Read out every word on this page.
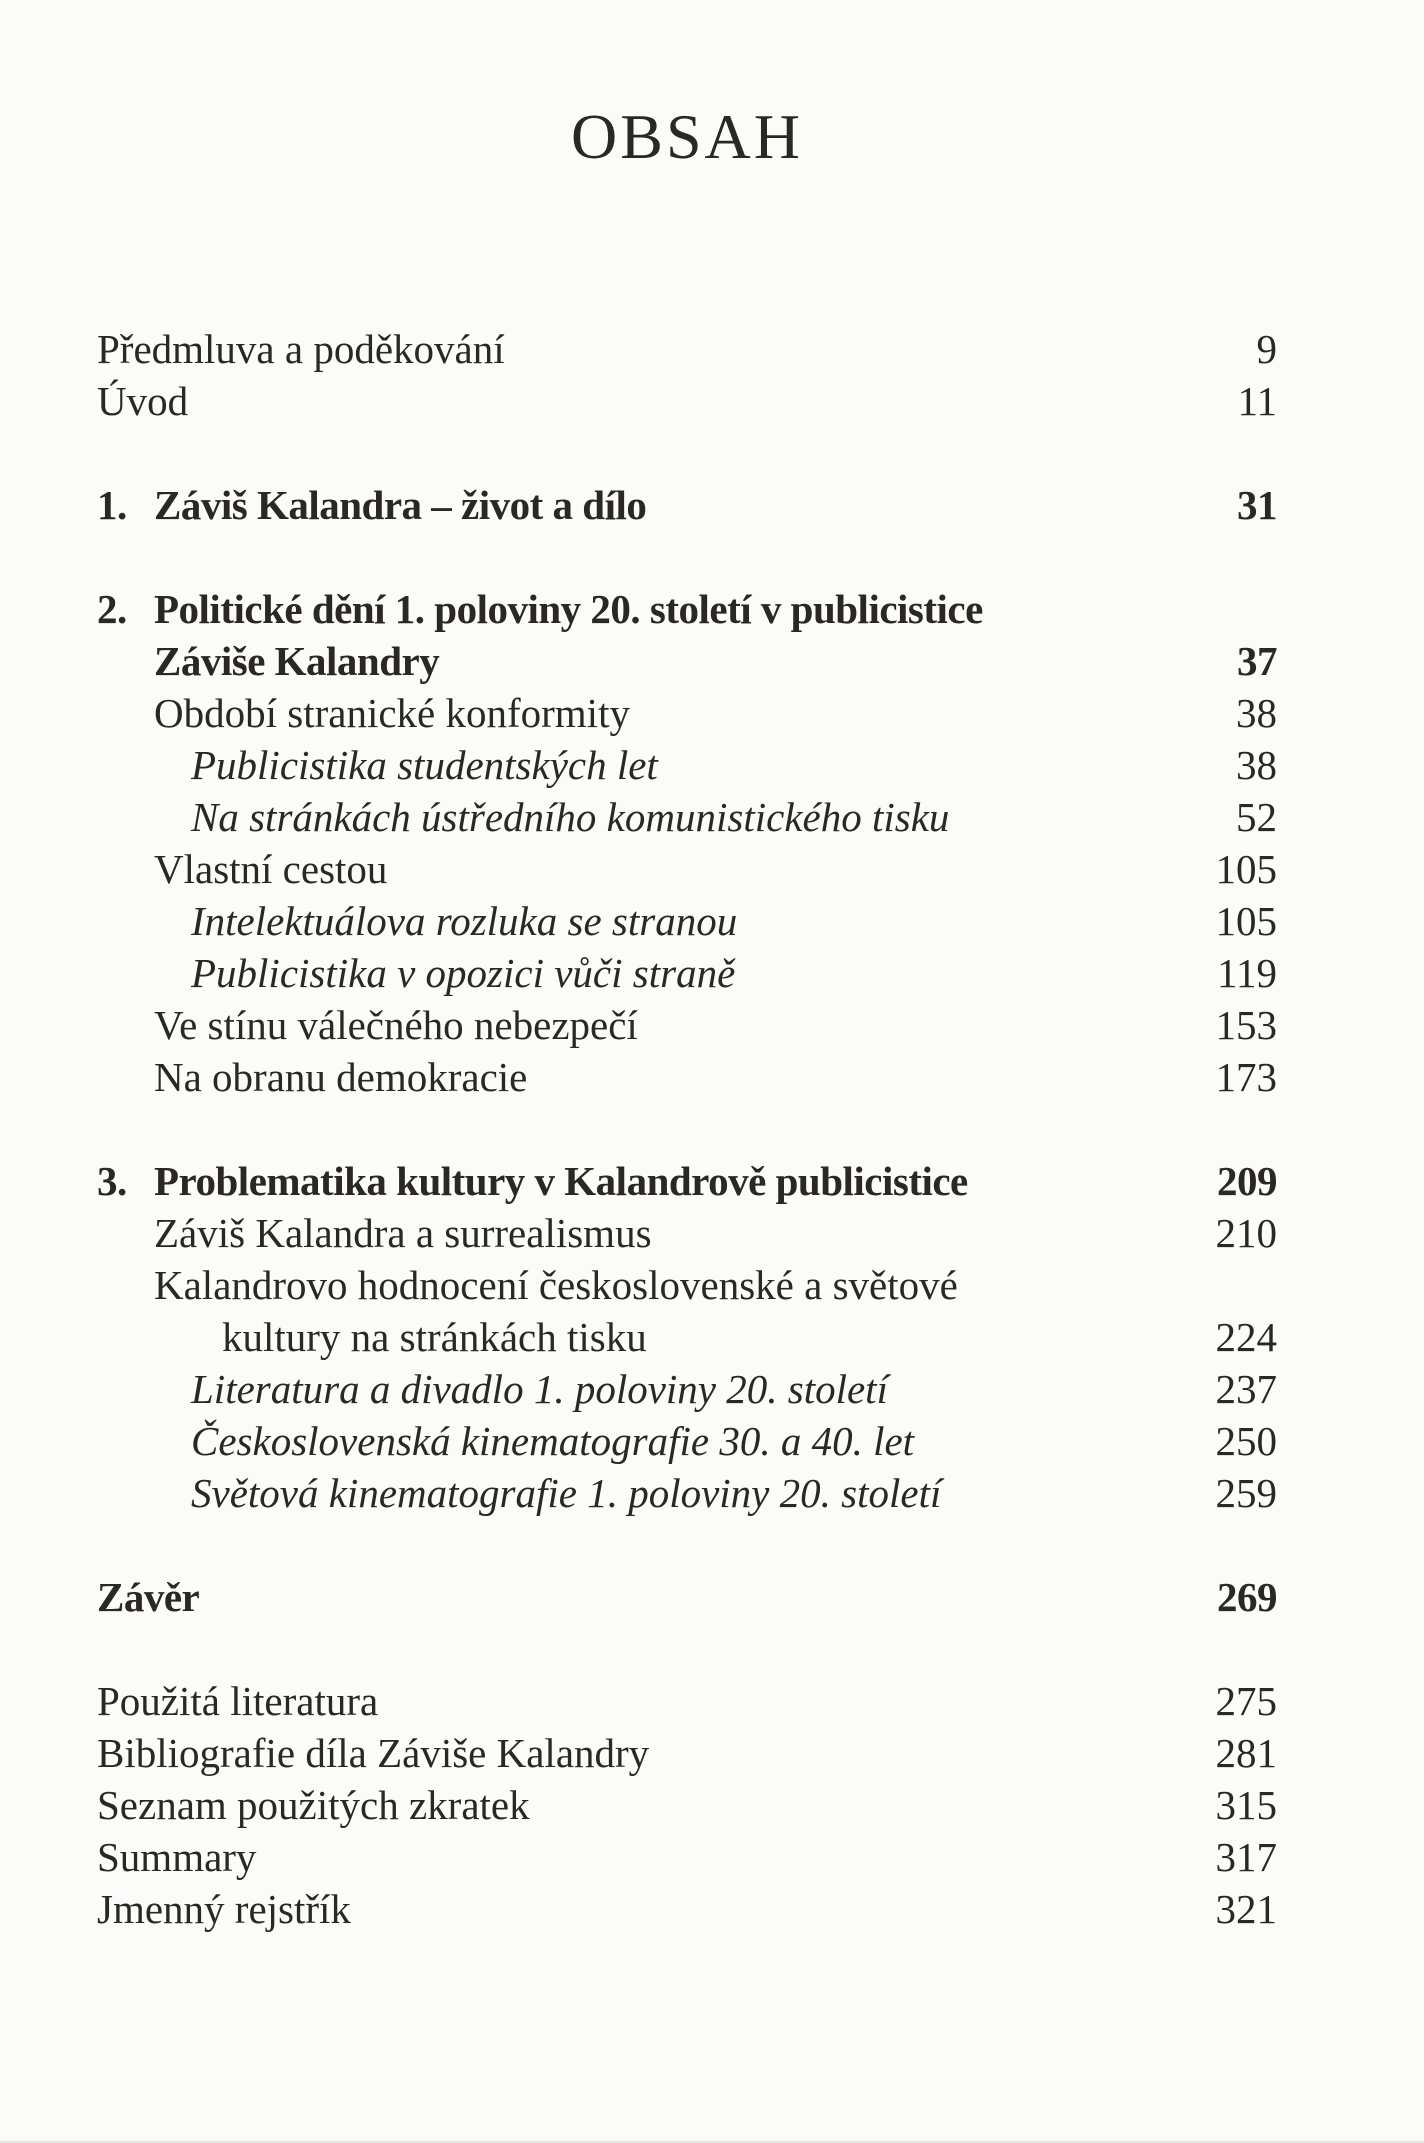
OBSAH
Předmluva a poděkování	9
Úvod	11
1. Záviš Kalandra – život a dílo	31
2. Politické dění 1. poloviny 20. století v publicistice
Záviše Kalandry	37
Období stranické konformity	38
Publicistika studentských let	38
Na stránkách ústředního komunistického tisku	52
Vlastní cestou	105
Intelektuálova rozluka se stranou	105
Publicistika v opozici vůči straně	119
Ve stínu válečného nebezpečí	153
Na obranu demokracie	173
3. Problematika kultury v Kalandrově publicistice	209
Záviš Kalandra a surrealismus	210
Kalandrovo hodnocení československé a světové
kultury na stránkách tisku	224
Literatura a divadlo 1. poloviny 20. století	237
Československá kinematografie 30. a 40. let	250
Světová kinematografie 1. poloviny 20. století	259
Závěr	269
Použitá literatura	275
Bibliografie díla Záviše Kalandry	281
Seznam použitých zkratek	315
Summary	317
Jmenný rejstřík	321
